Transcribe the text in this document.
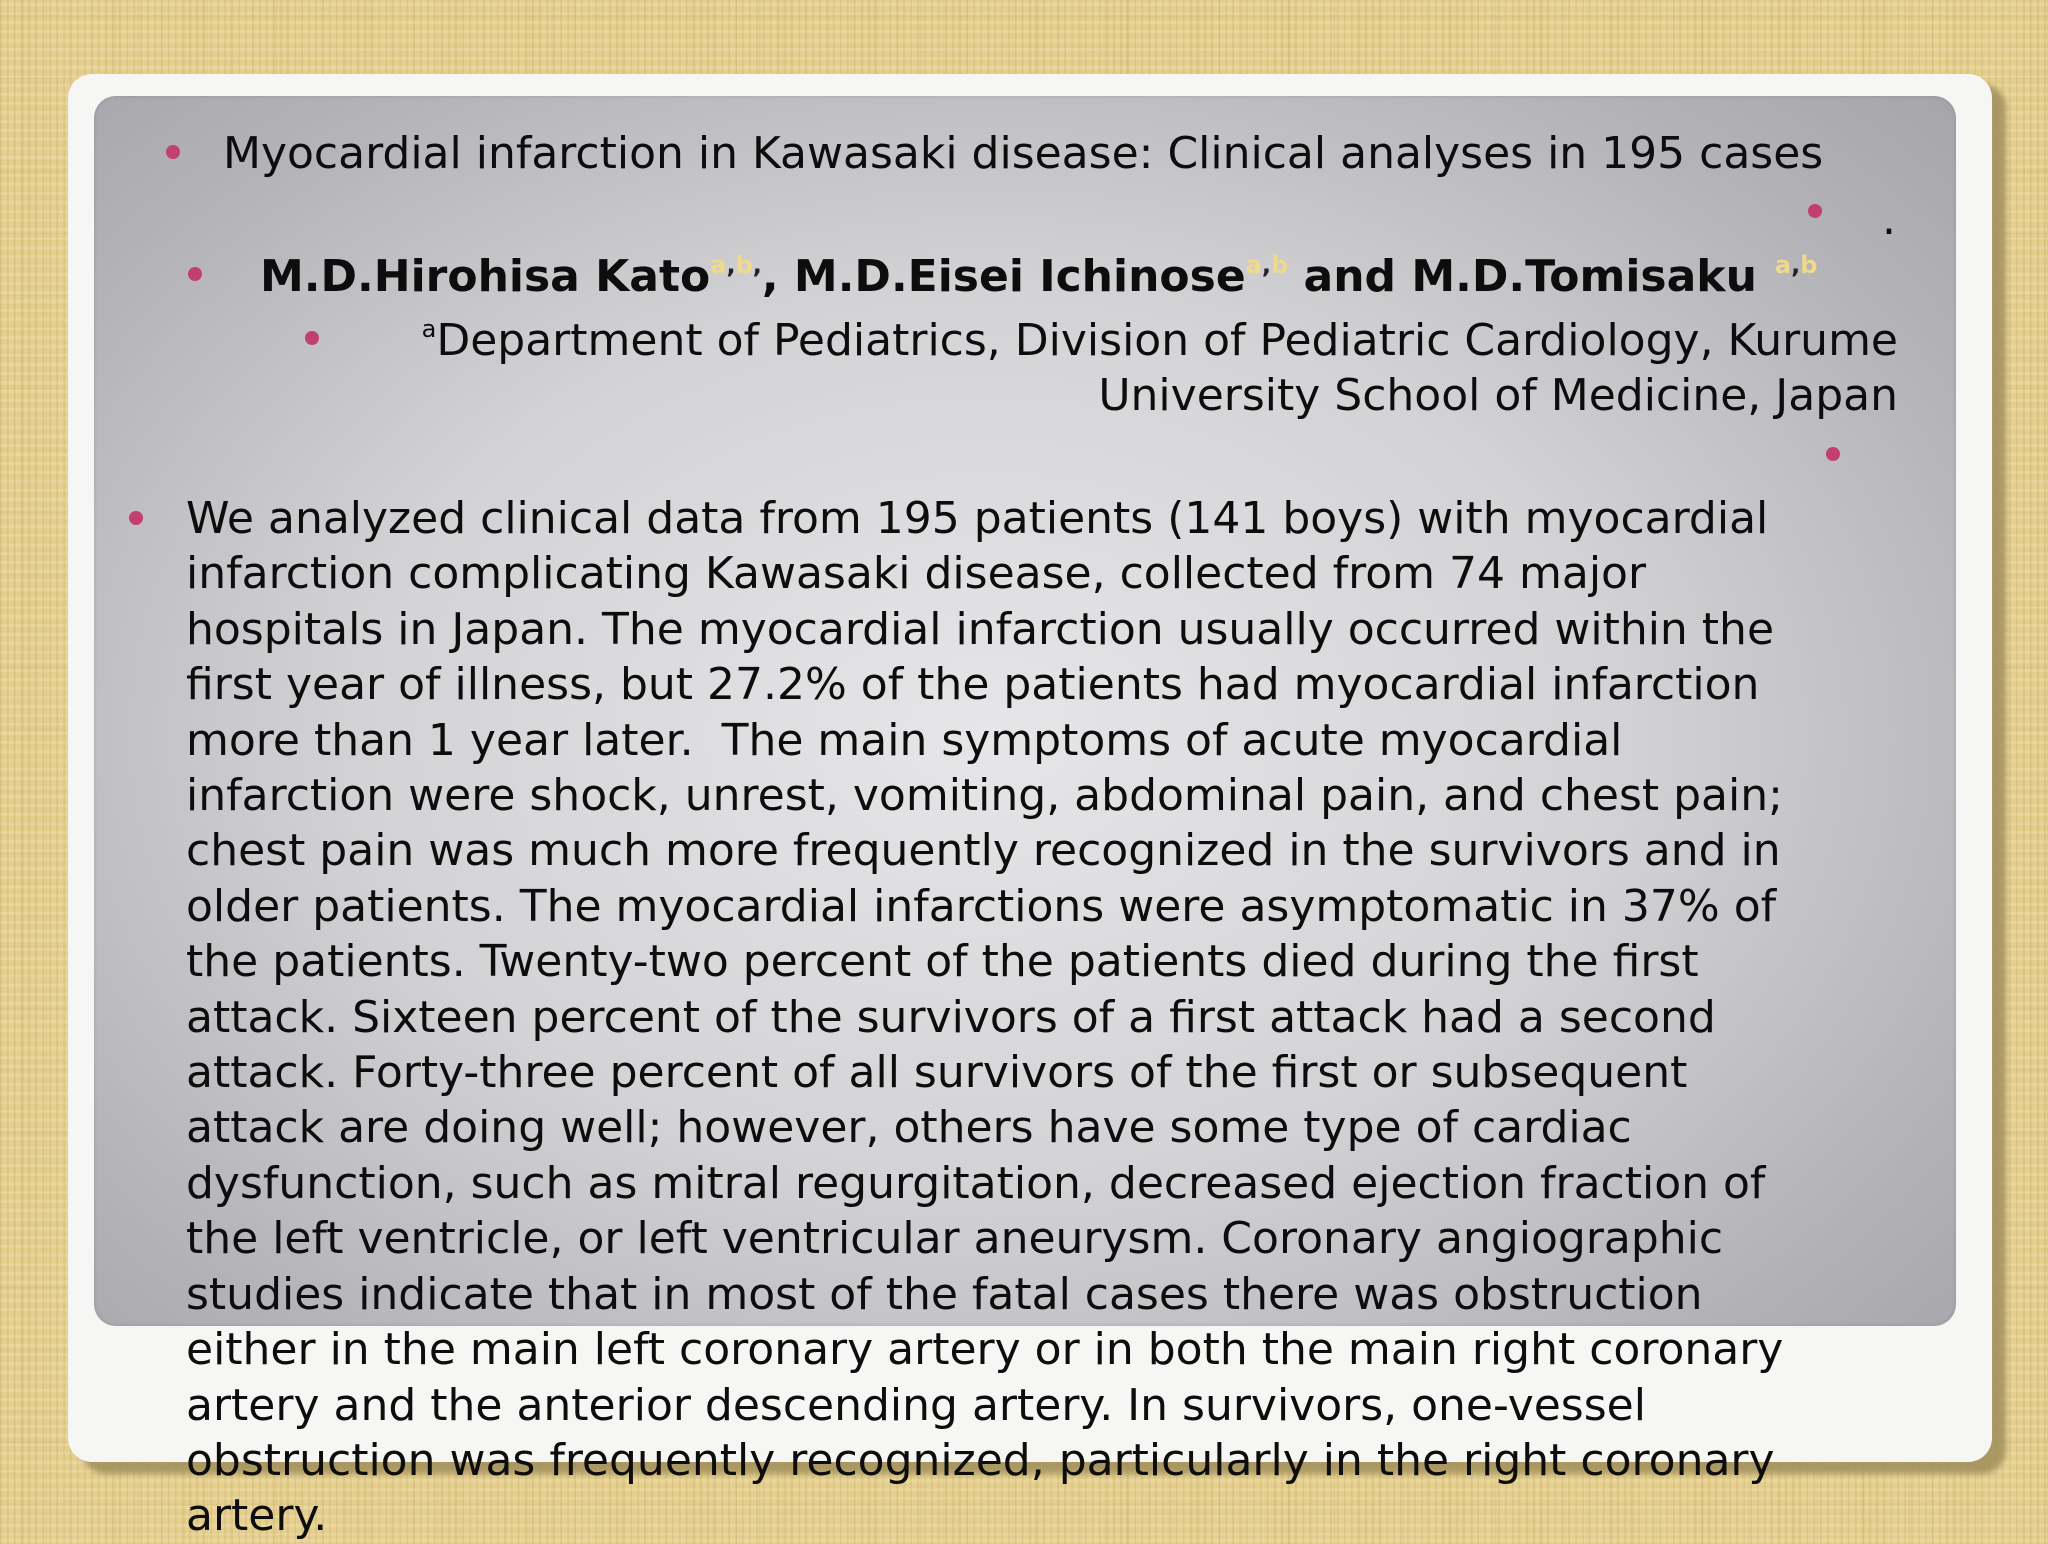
Myocardial infarction in Kawasaki disease: Clinical analyses in 195 cases
.
M.D.Hirohisa Kato$^{a,b,}$, M.D.Eisei Ichinose$^{a,b}$ and M.D.Tomisaku $^{a,b}$
$^a$Department of Pediatrics, Division of Pediatric Cardiology, Kurume
University School of Medicine, Japan
We analyzed clinical data from 195 patients (141 boys) with myocardial
infarction complicating Kawasaki disease, collected from 74 major
hospitals in Japan. The myocardial infarction usually occurred within the
first year of illness, but 27.2% of the patients had myocardial infarction
more than 1 year later.  The main symptoms of acute myocardial
infarction were shock, unrest, vomiting, abdominal pain, and chest pain;
chest pain was much more frequently recognized in the survivors and in
older patients. The myocardial infarctions were asymptomatic in 37% of
the patients. Twenty-two percent of the patients died during the first
attack. Sixteen percent of the survivors of a first attack had a second
attack. Forty-three percent of all survivors of the first or subsequent
attack are doing well; however, others have some type of cardiac
dysfunction, such as mitral regurgitation, decreased ejection fraction of
the left ventricle, or left ventricular aneurysm. Coronary angiographic
studies indicate that in most of the fatal cases there was obstruction
either in the main left coronary artery or in both the main right coronary
artery and the anterior descending artery. In survivors, one-vessel
obstruction was frequently recognized, particularly in the right coronary
artery.
